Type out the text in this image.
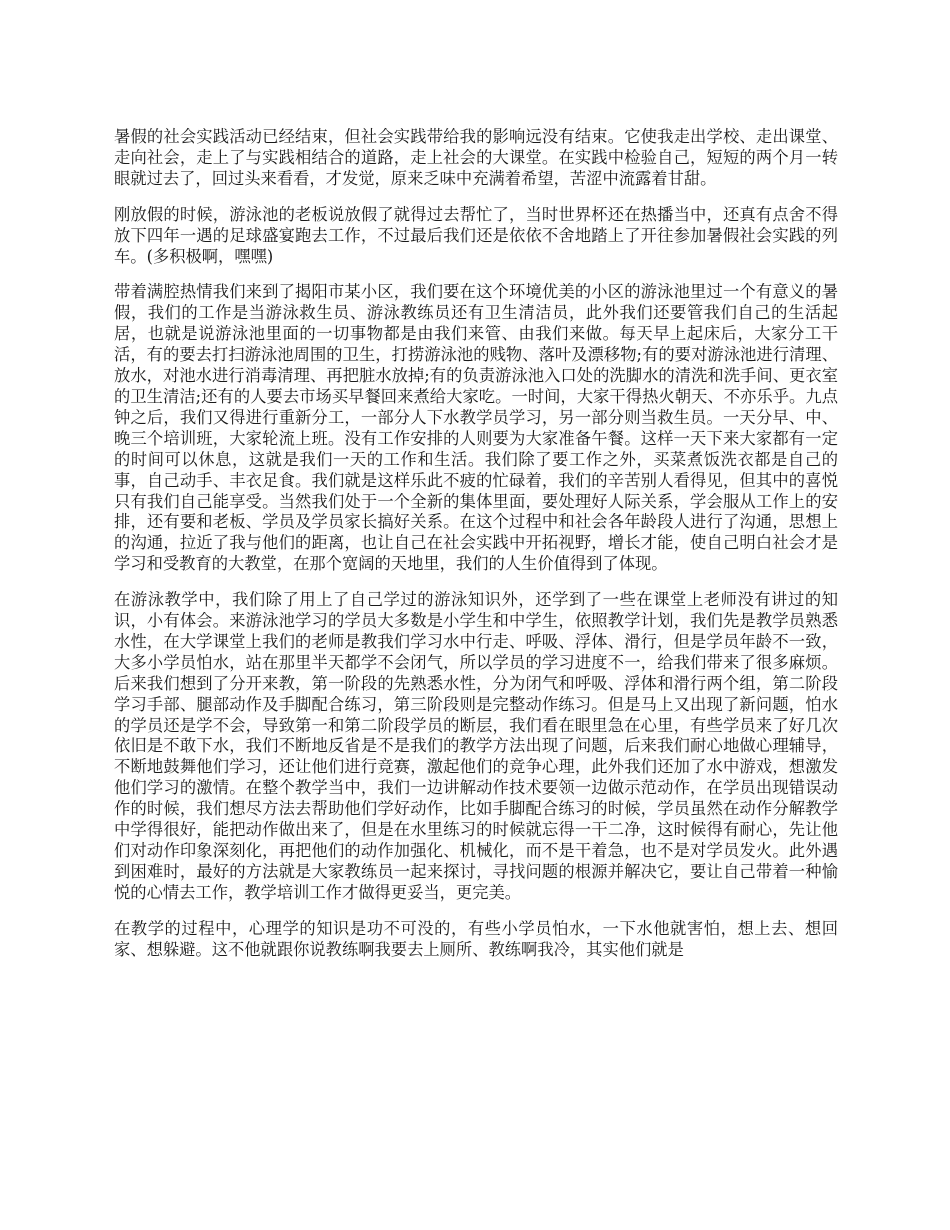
暑假的社会实践活动已经结束，但社会实践带给我的影响远没有结束。它使我走出学校、走出课堂、走向社会，走上了与实践相结合的道路，走上社会的大课堂。在实践中检验自己，短短的两个月一转眼就过去了，回过头来看看，才发觉，原来乏味中充满着希望，苦涩中流露着甘甜。

刚放假的时候，游泳池的老板说放假了就得过去帮忙了，当时世界杯还在热播当中，还真有点舍不得放下四年一遇的足球盛宴跑去工作，不过最后我们还是依依不舍地踏上了开往参加暑假社会实践的列车。(多积极啊，嘿嘿)

带着满腔热情我们来到了揭阳市某小区，我们要在这个环境优美的小区的游泳池里过一个有意义的暑假，我们的工作是当游泳救生员、游泳教练员还有卫生清洁员，此外我们还要管我们自己的生活起居，也就是说游泳池里面的一切事物都是由我们来管、由我们来做。每天早上起床后，大家分工干活，有的要去打扫游泳池周围的卫生，打捞游泳池的贱物、落叶及漂移物;有的要对游泳池进行清理、放水，对池水进行消毒清理、再把脏水放掉;有的负责游泳池入口处的洗脚水的清洗和洗手间、更衣室的卫生清洁;还有的人要去市场买早餐回来煮给大家吃。一时间，大家干得热火朝天、不亦乐乎。九点钟之后，我们又得进行重新分工，一部分人下水教学员学习，另一部分则当救生员。一天分早、中、晚三个培训班，大家轮流上班。没有工作安排的人则要为大家准备午餐。这样一天下来大家都有一定的时间可以休息，这就是我们一天的工作和生活。我们除了要工作之外，买菜煮饭洗衣都是自己的事，自己动手、丰衣足食。我们就是这样乐此不疲的忙碌着，我们的辛苦别人看得见，但其中的喜悦只有我们自己能享受。当然我们处于一个全新的集体里面，要处理好人际关系，学会服从工作上的安排，还有要和老板、学员及学员家长搞好关系。在这个过程中和社会各年龄段人进行了沟通，思想上的沟通，拉近了我与他们的距离，也让自己在社会实践中开拓视野，增长才能，使自己明白社会才是学习和受教育的大教堂，在那个宽阔的天地里，我们的人生价值得到了体现。

在游泳教学中，我们除了用上了自己学过的游泳知识外，还学到了一些在课堂上老师没有讲过的知识，小有体会。来游泳池学习的学员大多数是小学生和中学生，依照教学计划，我们先是教学员熟悉水性，在大学课堂上我们的老师是教我们学习水中行走、呼吸、浮体、滑行，但是学员年龄不一致，大多小学员怕水，站在那里半天都学不会闭气，所以学员的学习进度不一，给我们带来了很多麻烦。后来我们想到了分开来教，第一阶段的先熟悉水性，分为闭气和呼吸、浮体和滑行两个组，第二阶段学习手部、腿部动作及手脚配合练习，第三阶段则是完整动作练习。但是马上又出现了新问题，怕水的学员还是学不会，导致第一和第二阶段学员的断层，我们看在眼里急在心里，有些学员来了好几次依旧是不敢下水，我们不断地反省是不是我们的教学方法出现了问题，后来我们耐心地做心理辅导，不断地鼓舞他们学习，还让他们进行竞赛，激起他们的竞争心理，此外我们还加了水中游戏，想激发他们学习的激情。在整个教学当中，我们一边讲解动作技术要领一边做示范动作，在学员出现错误动作的时候，我们想尽方法去帮助他们学好动作，比如手脚配合练习的时候，学员虽然在动作分解教学中学得很好，能把动作做出来了，但是在水里练习的时候就忘得一干二净，这时候得有耐心，先让他们对动作印象深刻化，再把他们的动作加强化、机械化，而不是干着急，也不是对学员发火。此外遇到困难时，最好的方法就是大家教练员一起来探讨，寻找问题的根源并解决它，要让自己带着一种愉悦的心情去工作，教学培训工作才做得更妥当，更完美。

在教学的过程中，心理学的知识是功不可没的，有些小学员怕水，一下水他就害怕，想上去、想回家、想躲避。这不他就跟你说教练啊我要去上厕所、教练啊我冷，其实他们就是
